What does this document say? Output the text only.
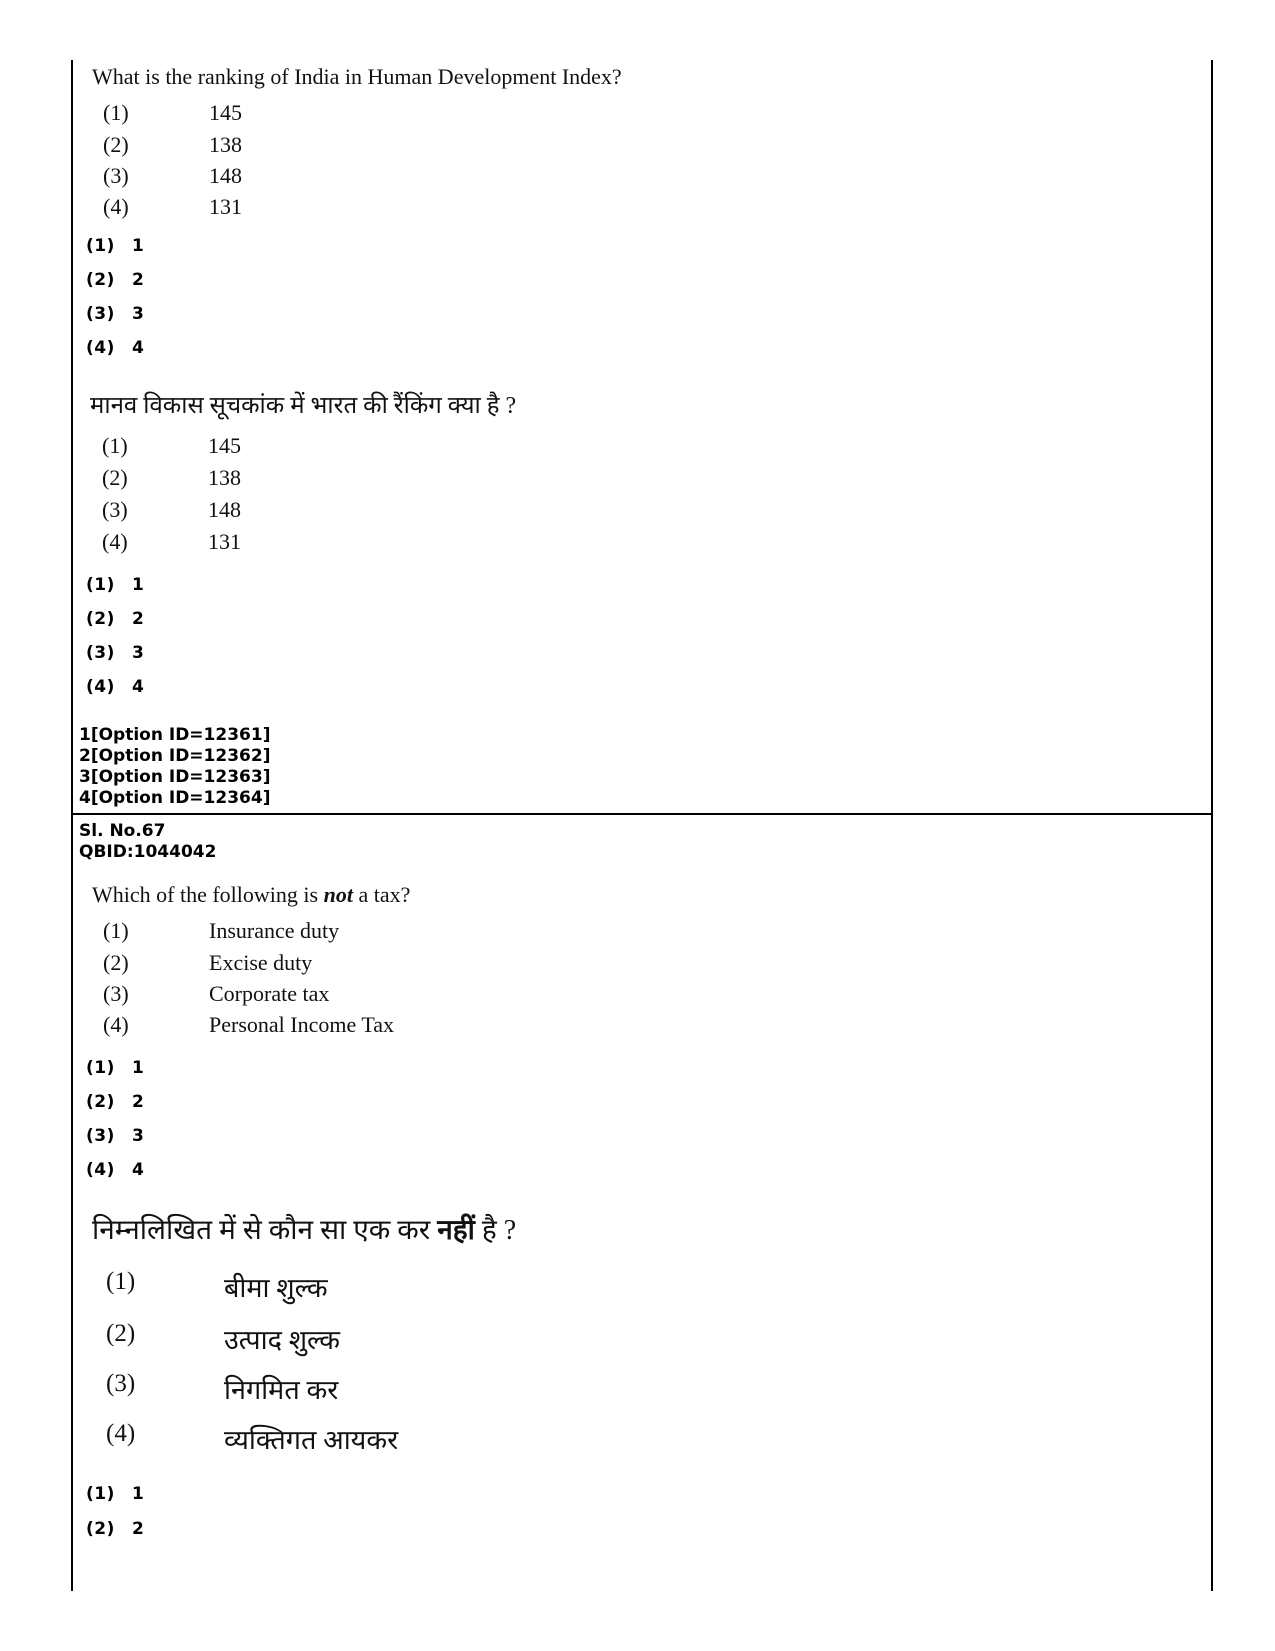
What is the ranking of India in Human Development Index?
(1)	145
(2)	138
(3)	148
(4)	131
(1) 1
(2) 2
(3) 3
(4) 4
मानव विकास सूचकांक में भारत की रैंकिंग क्या है ?
(1)	145
(2)	138
(3)	148
(4)	131
(1) 1
(2) 2
(3) 3
(4) 4
1[Option ID=12361]
2[Option ID=12362]
3[Option ID=12363]
4[Option ID=12364]
Sl. No.67
QBID:1044042
Which of the following is not a tax?
(1)	Insurance duty
(2)	Excise duty
(3)	Corporate tax
(4)	Personal Income Tax
(1) 1
(2) 2
(3) 3
(4) 4
निम्नलिखित में से कौन सा एक कर नहीं है ?
(1)	बीमा शुल्क
(2)	उत्पाद शुल्क
(3)	निगमित कर
(4)	व्यक्तिगत आयकर
(1) 1
(2) 2
